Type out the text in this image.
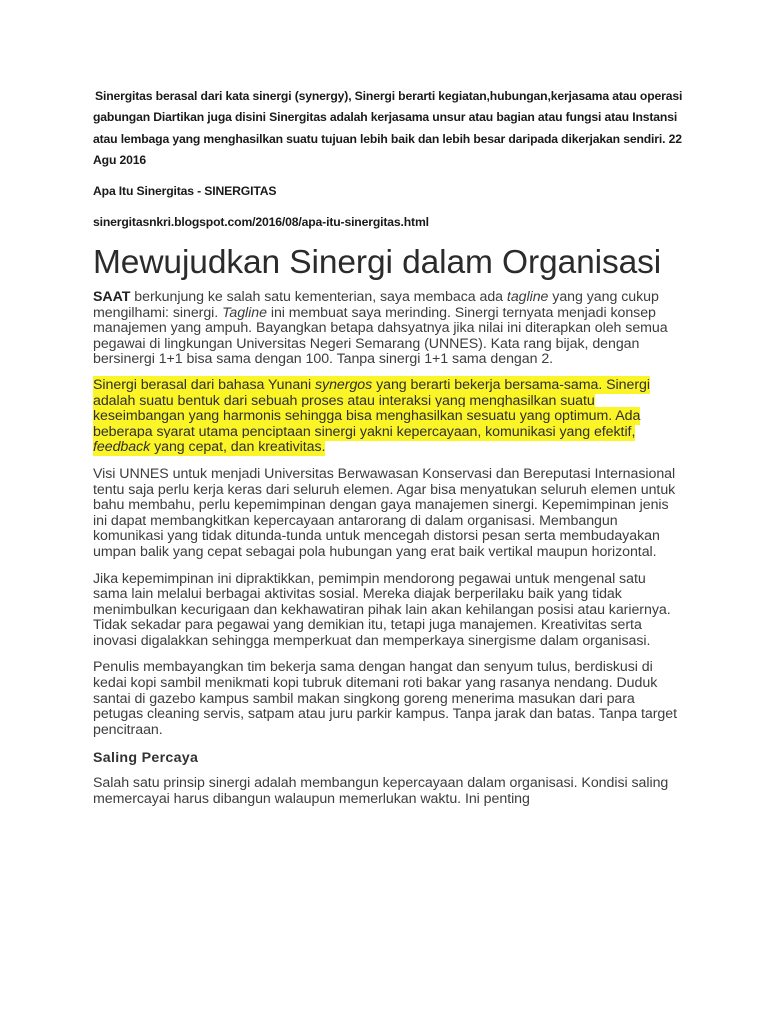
Sinergitas berasal dari kata sinergi (synergy), Sinergi berarti kegiatan,hubungan,kerjasama atau operasi gabungan Diartikan juga disini Sinergitas adalah kerjasama unsur atau bagian atau fungsi atau Instansi atau lembaga yang menghasilkan suatu tujuan lebih baik dan lebih besar daripada dikerjakan sendiri. 22 Agu 2016

Apa Itu Sinergitas - SINERGITAS

sinergitasnkri.blogspot.com/2016/08/apa-itu-sinergitas.html

Mewujudkan Sinergi dalam Organisasi

SAAT berkunjung ke salah satu kementerian, saya membaca ada tagline yang yang cukup mengilhami: sinergi. Tagline ini membuat saya merinding. Sinergi ternyata menjadi konsep manajemen yang ampuh. Bayangkan betapa dahsyatnya jika nilai ini diterapkan oleh semua pegawai di lingkungan Universitas Negeri Semarang (UNNES). Kata rang bijak, dengan bersinergi 1+1 bisa sama dengan 100. Tanpa sinergi 1+1 sama dengan 2.

Sinergi berasal dari bahasa Yunani synergos yang berarti bekerja bersama-sama. Sinergi adalah suatu bentuk dari sebuah proses atau interaksi yang menghasilkan suatu keseimbangan yang harmonis sehingga bisa menghasilkan sesuatu yang optimum. Ada beberapa syarat utama penciptaan sinergi yakni kepercayaan, komunikasi yang efektif, feedback yang cepat, dan kreativitas.

Visi UNNES untuk menjadi Universitas Berwawasan Konservasi dan Bereputasi Internasional tentu saja perlu kerja keras dari seluruh elemen. Agar bisa menyatukan seluruh elemen untuk bahu membahu, perlu kepemimpinan dengan gaya manajemen sinergi. Kepemimpinan jenis ini dapat membangkitkan kepercayaan antarorang di dalam organisasi. Membangun komunikasi yang tidak ditunda-tunda untuk mencegah distorsi pesan serta membudayakan umpan balik yang cepat sebagai pola hubungan yang erat baik vertikal maupun horizontal.

Jika kepemimpinan ini dipraktikkan, pemimpin mendorong pegawai untuk mengenal satu sama lain melalui berbagai aktivitas sosial. Mereka diajak berperilaku baik yang tidak menimbulkan kecurigaan dan kekhawatiran pihak lain akan kehilangan posisi atau kariernya. Tidak sekadar para pegawai yang demikian itu, tetapi juga manajemen. Kreativitas serta inovasi digalakkan sehingga memperkuat dan memperkaya sinergisme dalam organisasi.

Penulis membayangkan tim bekerja sama dengan hangat dan senyum tulus, berdiskusi di kedai kopi sambil menikmati kopi tubruk ditemani roti bakar yang rasanya nendang. Duduk santai di gazebo kampus sambil makan singkong goreng menerima masukan dari para petugas cleaning servis, satpam atau juru parkir kampus. Tanpa jarak dan batas. Tanpa target pencitraan.

Saling Percaya

Salah satu prinsip sinergi adalah membangun kepercayaan dalam organisasi. Kondisi saling memercayai harus dibangun walaupun memerlukan waktu. Ini penting
